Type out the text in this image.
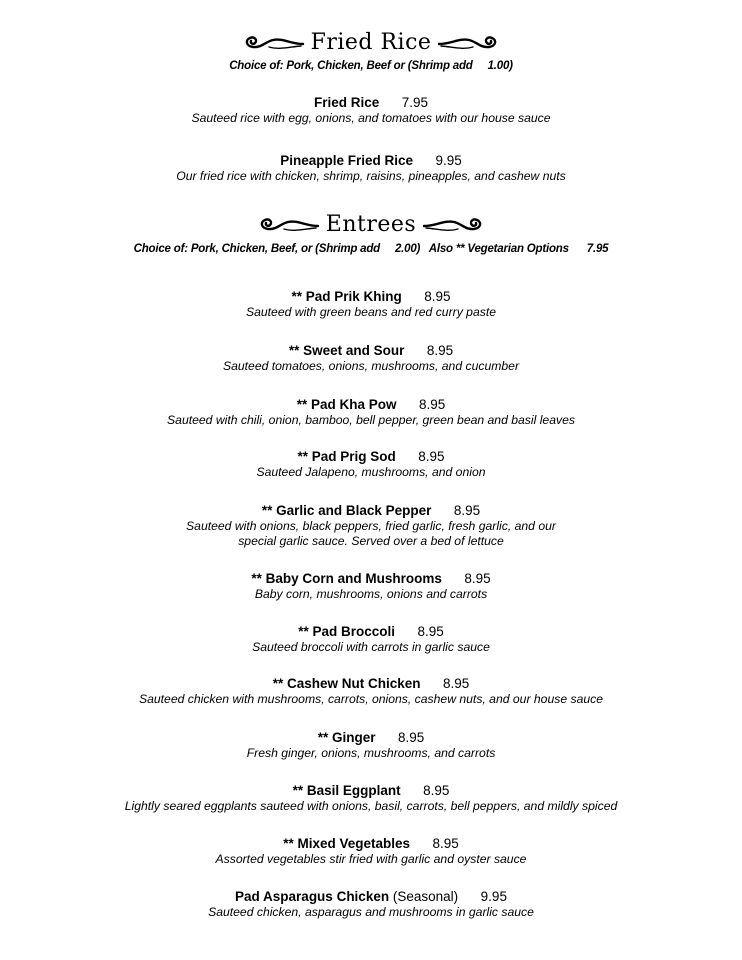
Fried Rice
Choice of: Pork, Chicken, Beef or (Shrimp add     1.00)
Fried Rice 7.95
Sauteed rice with egg, onions, and tomatoes with our house sauce
Pineapple Fried Rice 9.95
Our fried rice with chicken, shrimp, raisins, pineapples, and cashew nuts
Entrees
Choice of: Pork, Chicken, Beef, or (Shrimp add     2.00)   Also ** Vegetarian Options      7.95
** Pad Prik Khing 8.95
Sauteed with green beans and red curry paste
** Sweet and Sour 8.95
Sauteed tomatoes, onions, mushrooms, and cucumber
** Pad Kha Pow 8.95
Sauteed with chili, onion, bamboo, bell pepper, green bean and basil leaves
** Pad Prig Sod 8.95
Sauteed Jalapeno, mushrooms, and onion
** Garlic and Black Pepper 8.95
Sauteed with onions, black peppers, fried garlic, fresh garlic, and our
special garlic sauce. Served over a bed of lettuce
** Baby Corn and Mushrooms 8.95
Baby corn, mushrooms, onions and carrots
** Pad Broccoli 8.95
Sauteed broccoli with carrots in garlic sauce
** Cashew Nut Chicken 8.95
Sauteed chicken with mushrooms, carrots, onions, cashew nuts, and our house sauce
** Ginger 8.95
Fresh ginger, onions, mushrooms, and carrots
** Basil Eggplant 8.95
Lightly seared eggplants sauteed with onions, basil, carrots, bell peppers, and mildly spiced
** Mixed Vegetables 8.95
Assorted vegetables stir fried with garlic and oyster sauce
Pad Asparagus Chicken (Seasonal) 9.95
Sauteed chicken, asparagus and mushrooms in garlic sauce
